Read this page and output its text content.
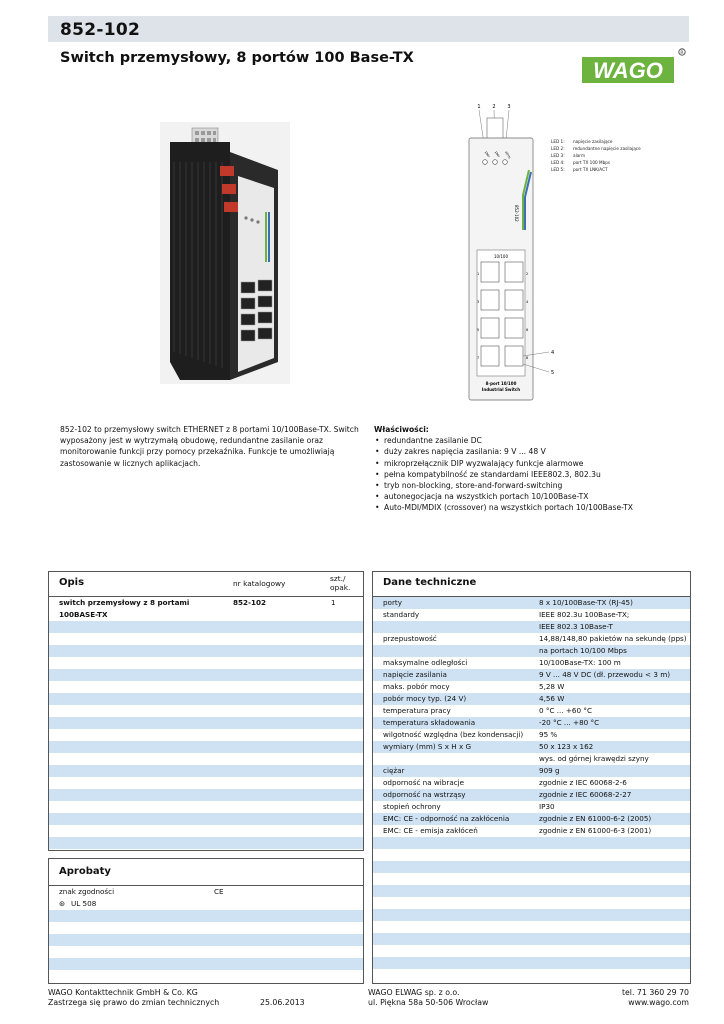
852-102
Switch przemysłowy, 8 portów 100 Base-TX	WAGO
R
1 2 3
pwr pwr alrm
852-102
10/100
1	2
3	4
5	6
7	8
4
5
8-port 10/100
Industrial Switch
LED 1: napięcie zasilające
LED 2: redundantne napięcie zasilające
LED 3: alarm
LED 4: port TX 100 Mbps
LED 5: port TX LNK/ACT
852-102 to przemysłowy switch ETHERNET z 8 portami 10/100Base-TX. Switch wyposażony jest w wytrzymałą obudowę, redundantne zasilanie oraz monitorowanie funkcji przy pomocy przekaźnika. Funkcje te umożliwiają zastosowanie w licznych aplikacjach.
Właściwości:
• redundantne zasilanie DC
• duży zakres napięcia zasilania: 9 V ... 48 V
• mikroprzełącznik DIP wyzwalający funkcje alarmowe
• pełna kompatybilność ze standardami IEEE802.3, 802.3u
• tryb non-blocking, store-and-forward-switching
• autonegocjacja na wszystkich portach 10/100Base-TX
• Auto-MDI/MDIX (crossover) na wszystkich portach 10/100Base-TX
Opis	nr katalogowy
szt./
opak.
switch przemysłowy z 8 portami	852-102	1
100BASE-TX
Aprobaty
znak zgodności	CE
⊛ UL 508
Dane techniczne
porty	8 x 10/100Base-TX (RJ-45)
standardy	IEEE 802.3u 100Base-TX;
IEEE 802.3 10Base-T
przepustowość	14,88/148,80 pakietów na sekundę (pps)
na portach 10/100 Mbps
maksymalne odległości	10/100Base-TX: 100 m
napięcie zasilania	9 V ... 48 V DC (dł. przewodu < 3 m)
maks. pobór mocy	5,28 W
pobór mocy typ. (24 V)	4,56 W
temperatura pracy	0 °C ... +60 °C
temperatura składowania	-20 °C ... +80 °C
wilgotność względna (bez kondensacji) 95 %
wymiary (mm) S x H x G	50 x 123 x 162
wys. od górnej krawędzi szyny
ciężar	909 g
odporność na wibracje	zgodnie z IEC 60068-2-6
odporność na wstrząsy	zgodnie z IEC 60068-2-27
stopień ochrony	IP30
EMC: CE - odporność na zakłócenia	zgodnie z EN 61000-6-2 (2005)
EMC: CE - emisja zakłóceń	zgodnie z EN 61000-6-3 (2001)
WAGO Kontakttechnik GmbH & Co. KG
Zastrzega się prawo do zmian technicznych	25.06.2013
WAGO ELWAG sp. z o.o.
ul. Piękna 58a 50-506 Wrocław
tel. 71 360 29 70
www.wago.com
